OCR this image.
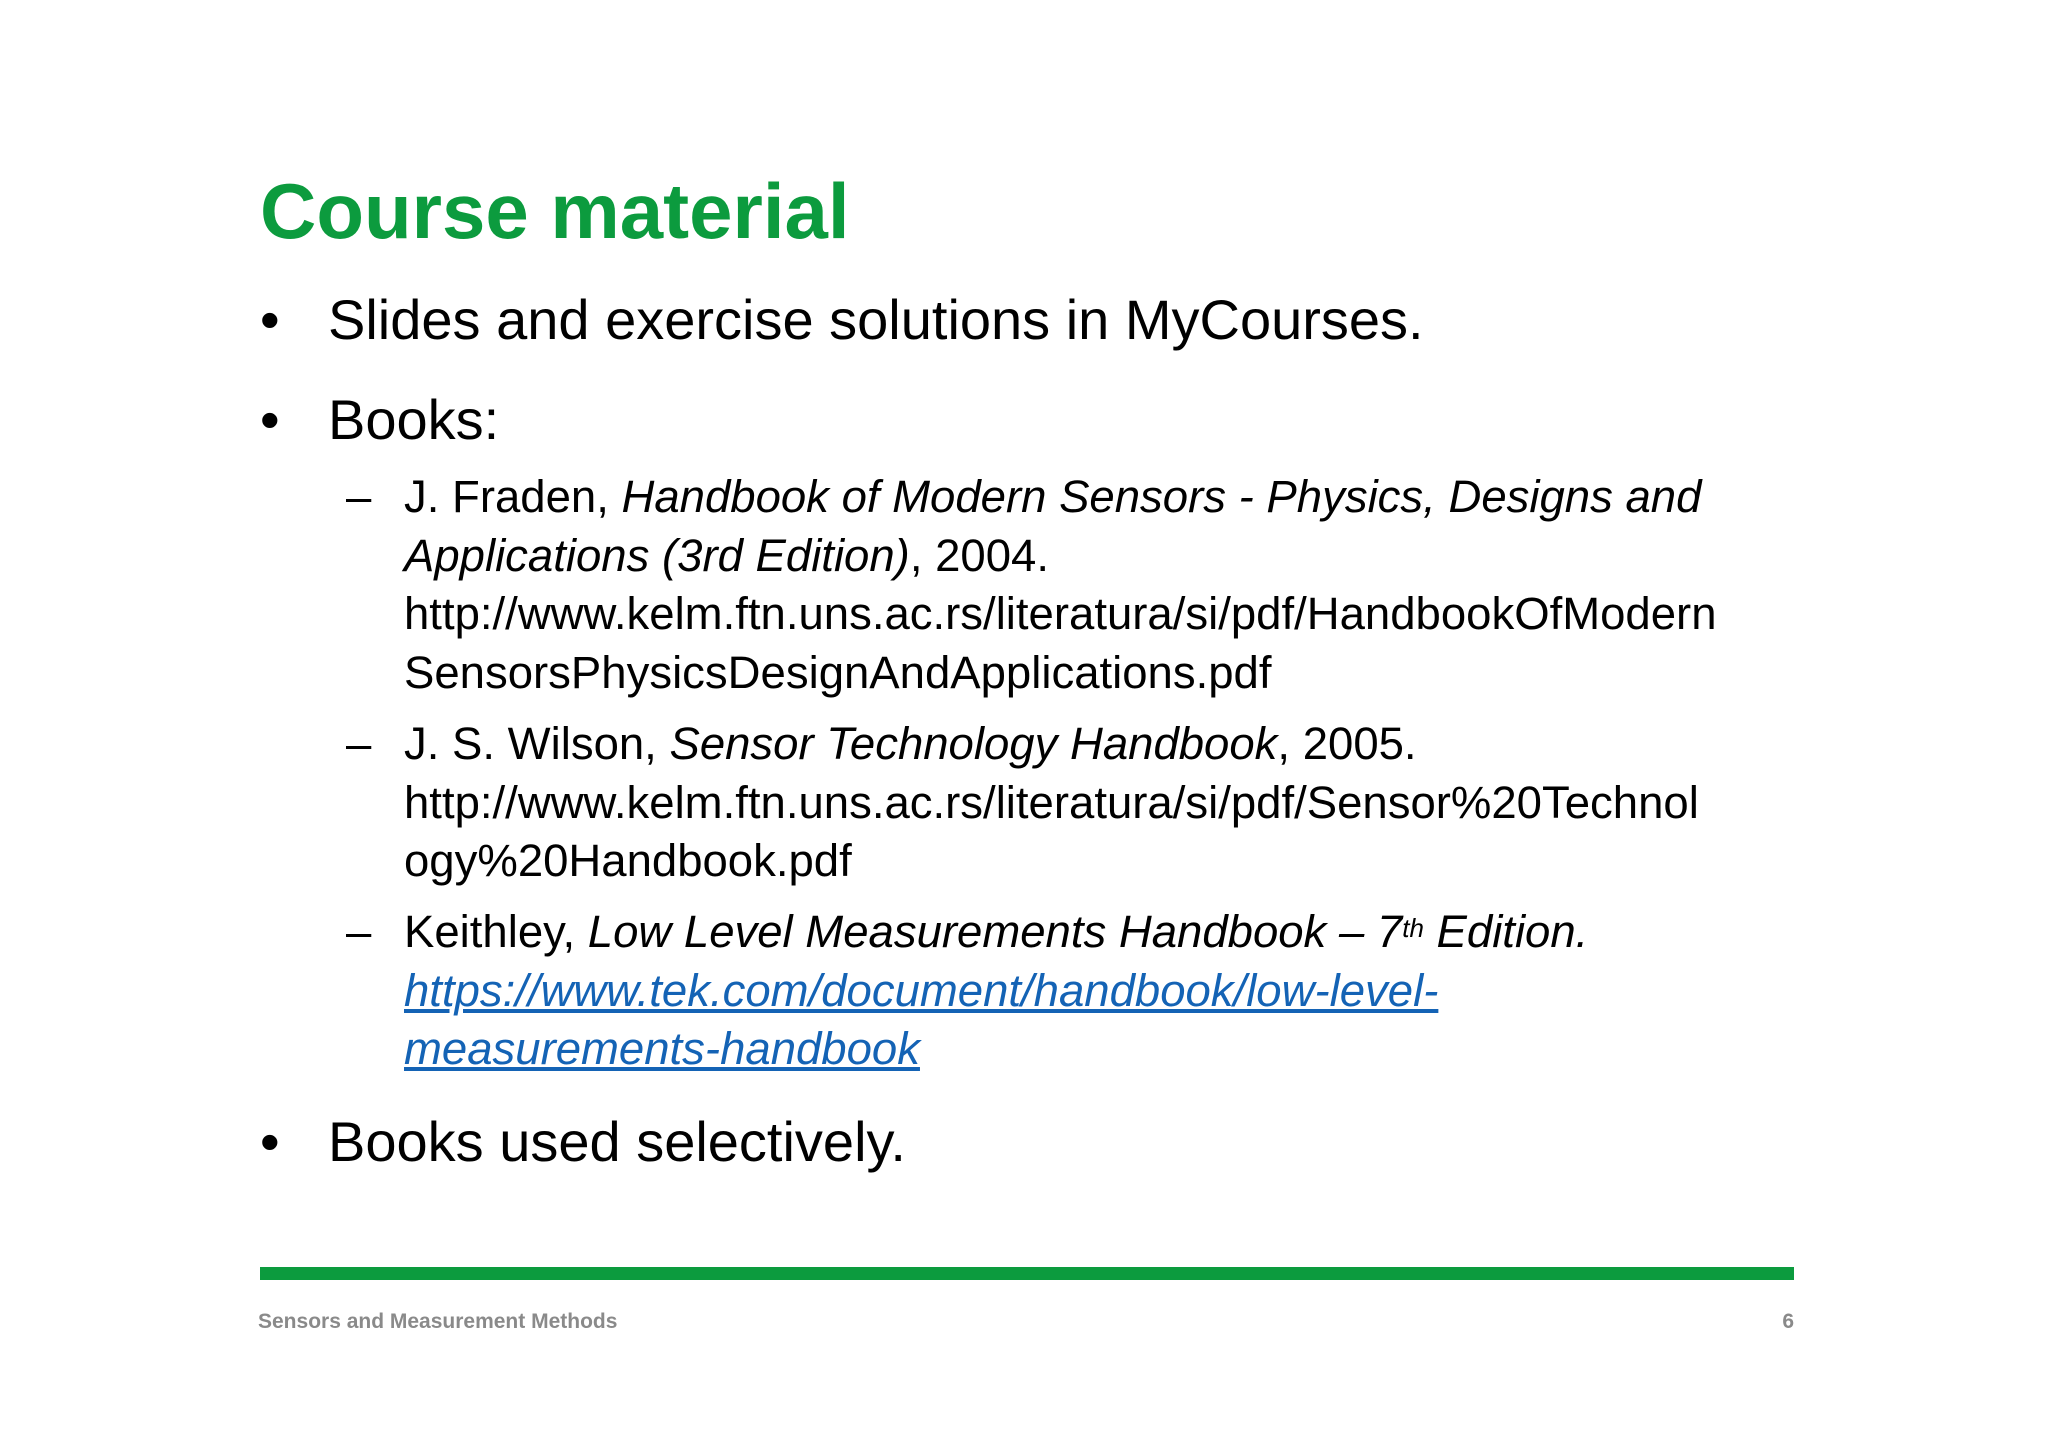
Course material
• Slides and exercise solutions in MyCourses.
• Books:
– J. Fraden, Handbook of Modern Sensors - Physics, Designs and
Applications (3rd Edition), 2004.
http://www.kelm.ftn.uns.ac.rs/literatura/si/pdf/HandbookOfModern
SensorsPhysicsDesignAndApplications.pdf
– J. S. Wilson, Sensor Technology Handbook, 2005.
http://www.kelm.ftn.uns.ac.rs/literatura/si/pdf/Sensor%20Technol
ogy%20Handbook.pdf
– Keithley, Low Level Measurements Handbook – 7th Edition.
https://www.tek.com/document/handbook/low-level-
measurements-handbook
• Books used selectively.
Sensors and Measurement Methods	6
